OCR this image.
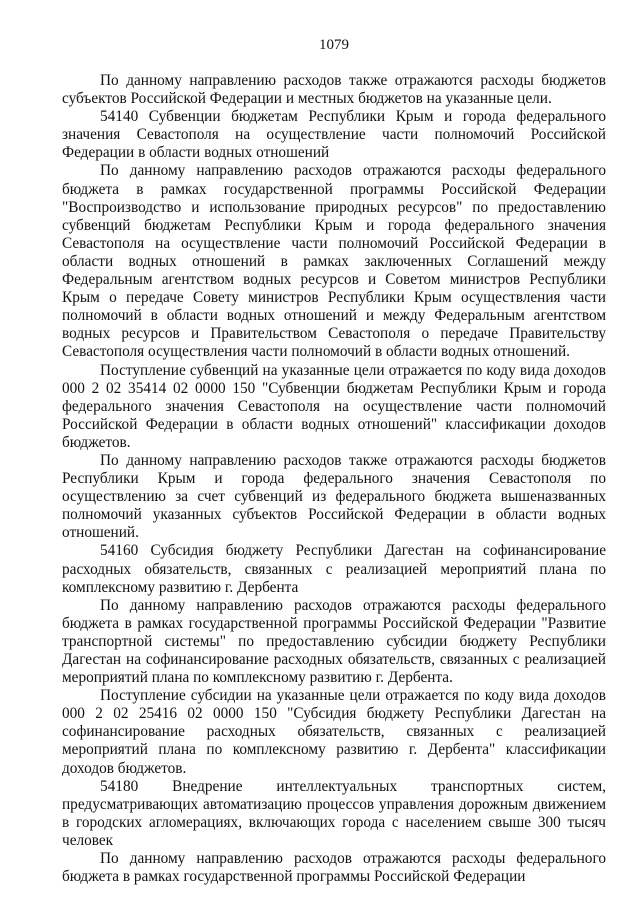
1079

По данному направлению расходов также отражаются расходы бюджетов субъектов Российской Федерации и местных бюджетов на указанные цели.

54140 Субвенции бюджетам Республики Крым и города федерального значения Севастополя на осуществление части полномочий Российской Федерации в области водных отношений

По данному направлению расходов отражаются расходы федерального бюджета в рамках государственной программы Российской Федерации "Воспроизводство и использование природных ресурсов" по предоставлению субвенций бюджетам Республики Крым и города федерального значения Севастополя на осуществление части полномочий Российской Федерации в области водных отношений в рамках заключенных Соглашений между Федеральным агентством водных ресурсов и Советом министров Республики Крым о передаче Совету министров Республики Крым осуществления части полномочий в области водных отношений и между Федеральным агентством водных ресурсов и Правительством Севастополя о передаче Правительству Севастополя осуществления части полномочий в области водных отношений.

Поступление субвенций на указанные цели отражается по коду вида доходов 000 2 02 35414 02 0000 150 "Субвенции бюджетам Республики Крым и города федерального значения Севастополя на осуществление части полномочий Российской Федерации в области водных отношений" классификации доходов бюджетов.

По данному направлению расходов также отражаются расходы бюджетов Республики Крым и города федерального значения Севастополя по осуществлению за счет субвенций из федерального бюджета вышеназванных полномочий указанных субъектов Российской Федерации в области водных отношений.

54160 Субсидия бюджету Республики Дагестан на софинансирование расходных обязательств, связанных с реализацией мероприятий плана по комплексному развитию г. Дербента

По данному направлению расходов отражаются расходы федерального бюджета в рамках государственной программы Российской Федерации "Развитие транспортной системы" по предоставлению субсидии бюджету Республики Дагестан на софинансирование расходных обязательств, связанных с реализацией мероприятий плана по комплексному развитию г. Дербента.

Поступление субсидии на указанные цели отражается по коду вида доходов 000 2 02 25416 02 0000 150 "Субсидия бюджету Республики Дагестан на софинансирование расходных обязательств, связанных с реализацией мероприятий плана по комплексному развитию г. Дербента" классификации доходов бюджетов.

54180 Внедрение интеллектуальных транспортных систем, предусматривающих автоматизацию процессов управления дорожным движением в городских агломерациях, включающих города с населением свыше 300 тысяч человек

По данному направлению расходов отражаются расходы федерального бюджета в рамках государственной программы Российской Федерации
